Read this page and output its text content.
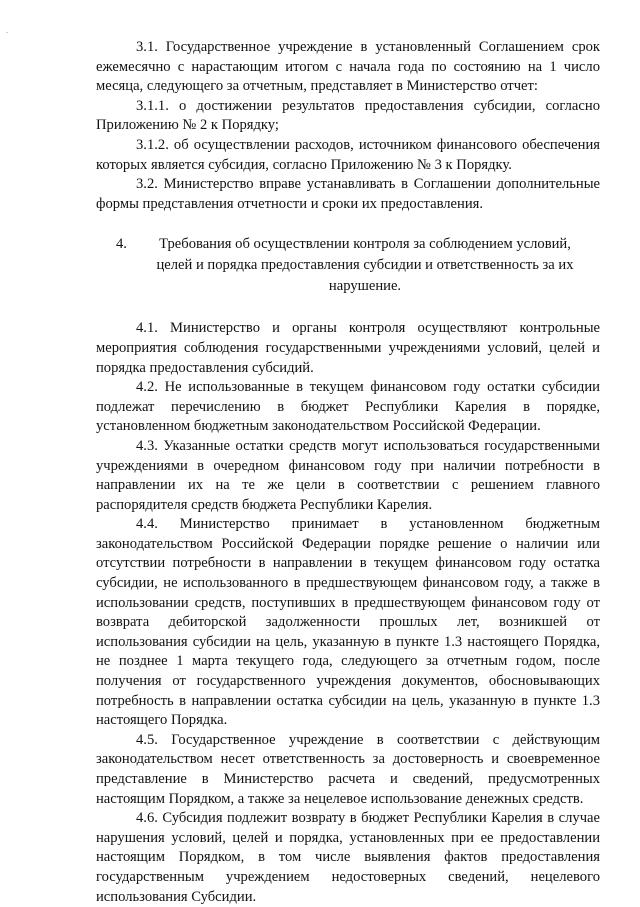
3.1. Государственное учреждение в установленный Соглашением срок ежемесячно с нарастающим итогом с начала года по состоянию на 1 число месяца, следующего за отчетным, представляет в Министерство отчет:

3.1.1. о достижении результатов предоставления субсидии, согласно Приложению № 2 к Порядку;

3.1.2. об осуществлении расходов, источником финансового обеспечения которых является субсидия, согласно Приложению № 3 к Порядку.

3.2. Министерство вправе устанавливать в Соглашении дополнительные формы представления отчетности и сроки их предоставления.

4.	Требования об осуществлении контроля за соблюдением условий, целей и порядка предоставления субсидии и ответственность за их нарушение.

4.1. Министерство и органы контроля осуществляют контрольные мероприятия соблюдения государственными учреждениями условий, целей и порядка предоставления субсидий.

4.2. Не использованные в текущем финансовом году остатки субсидии подлежат перечислению в бюджет Республики Карелия в порядке, установленном бюджетным законодательством Российской Федерации.

4.3. Указанные остатки средств могут использоваться государственными учреждениями в очередном финансовом году при наличии потребности в направлении их на те же цели в соответствии с решением главного распорядителя средств бюджета Республики Карелия.

4.4. Министерство принимает в установленном бюджетным законодательством Российской Федерации порядке решение о наличии или отсутствии потребности в направлении в текущем финансовом году остатка субсидии, не использованного в предшествующем финансовом году, а также в использовании средств, поступивших в предшествующем финансовом году от возврата дебиторской задолженности прошлых лет, возникшей от использования субсидии на цель, указанную в пункте 1.3 настоящего Порядка, не позднее 1 марта текущего года, следующего за отчетным годом, после получения от государственного учреждения документов, обосновывающих потребность в направлении остатка субсидии на цель, указанную в пункте 1.3 настоящего Порядка.

4.5. Государственное учреждение в соответствии с действующим законодательством несет ответственность за достоверность и своевременное представление в Министерство расчета и сведений, предусмотренных настоящим Порядком, а также за нецелевое использование денежных средств.

4.6. Субсидия подлежит возврату в бюджет Республики Карелия в случае нарушения условий, целей и порядка, установленных при ее предоставлении настоящим Порядком, в том числе выявления фактов предоставления государственным учреждением недостоверных сведений, нецелевого использования Субсидии.
